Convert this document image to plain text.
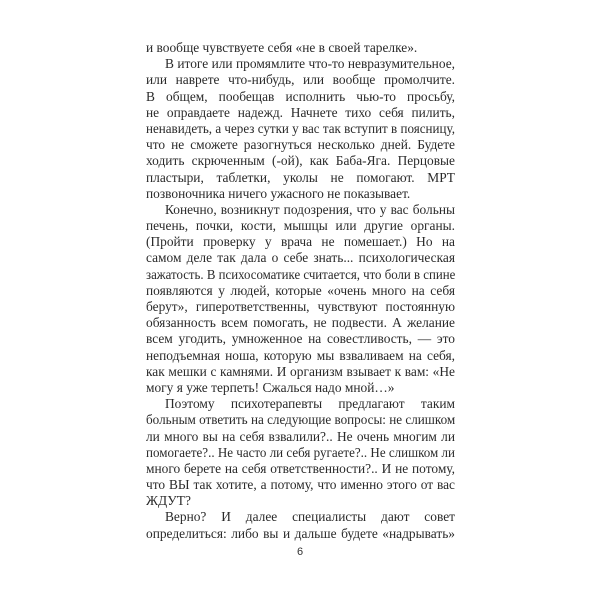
и вообще чувствуете себя «не в своей тарелке».
В итоге или промямлите что-то невразумительное,
или наврете что-нибудь, или вообще промолчите.
В общем, пообещав исполнить чью-то просьбу,
не оправдаете надежд. Начнете тихо себя пилить,
ненавидеть, а через сутки у вас так вступит в поясницу,
что не сможете разогнуться несколько дней. Будете
ходить скрюченным (-ой), как Баба-Яга. Перцовые
пластыри, таблетки, уколы не помогают. МРТ
позвоночника ничего ужасного не показывает.
Конечно, возникнут подозрения, что у вас больны
печень, почки, кости, мышцы или другие органы.
(Пройти проверку у врача не помешает.) Но на
самом деле так дала о себе знать... психологическая
зажатость. В психосоматике считается, что боли в спине
появляются у людей, которые «очень много на себя
берут», гиперответственны, чувствуют постоянную
обязанность всем помогать, не подвести. А желание
всем угодить, умноженное на совестливость, — это
неподъемная ноша, которую мы взваливаем на себя,
как мешки с камнями. И организм взывает к вам: «Не
могу я уже терпеть! Сжалься надо мной…»
Поэтому психотерапевты предлагают таким
больным ответить на следующие вопросы: не слишком
ли много вы на себя взвалили?.. Не очень многим ли
помогаете?.. Не часто ли себя ругаете?.. Не слишком ли
много берете на себя ответственности?.. И не потому,
что ВЫ так хотите, а потому, что именно этого от вас
ЖДУТ?
Верно? И далее специалисты дают совет
определиться: либо вы и дальше будете «надрывать»
6
